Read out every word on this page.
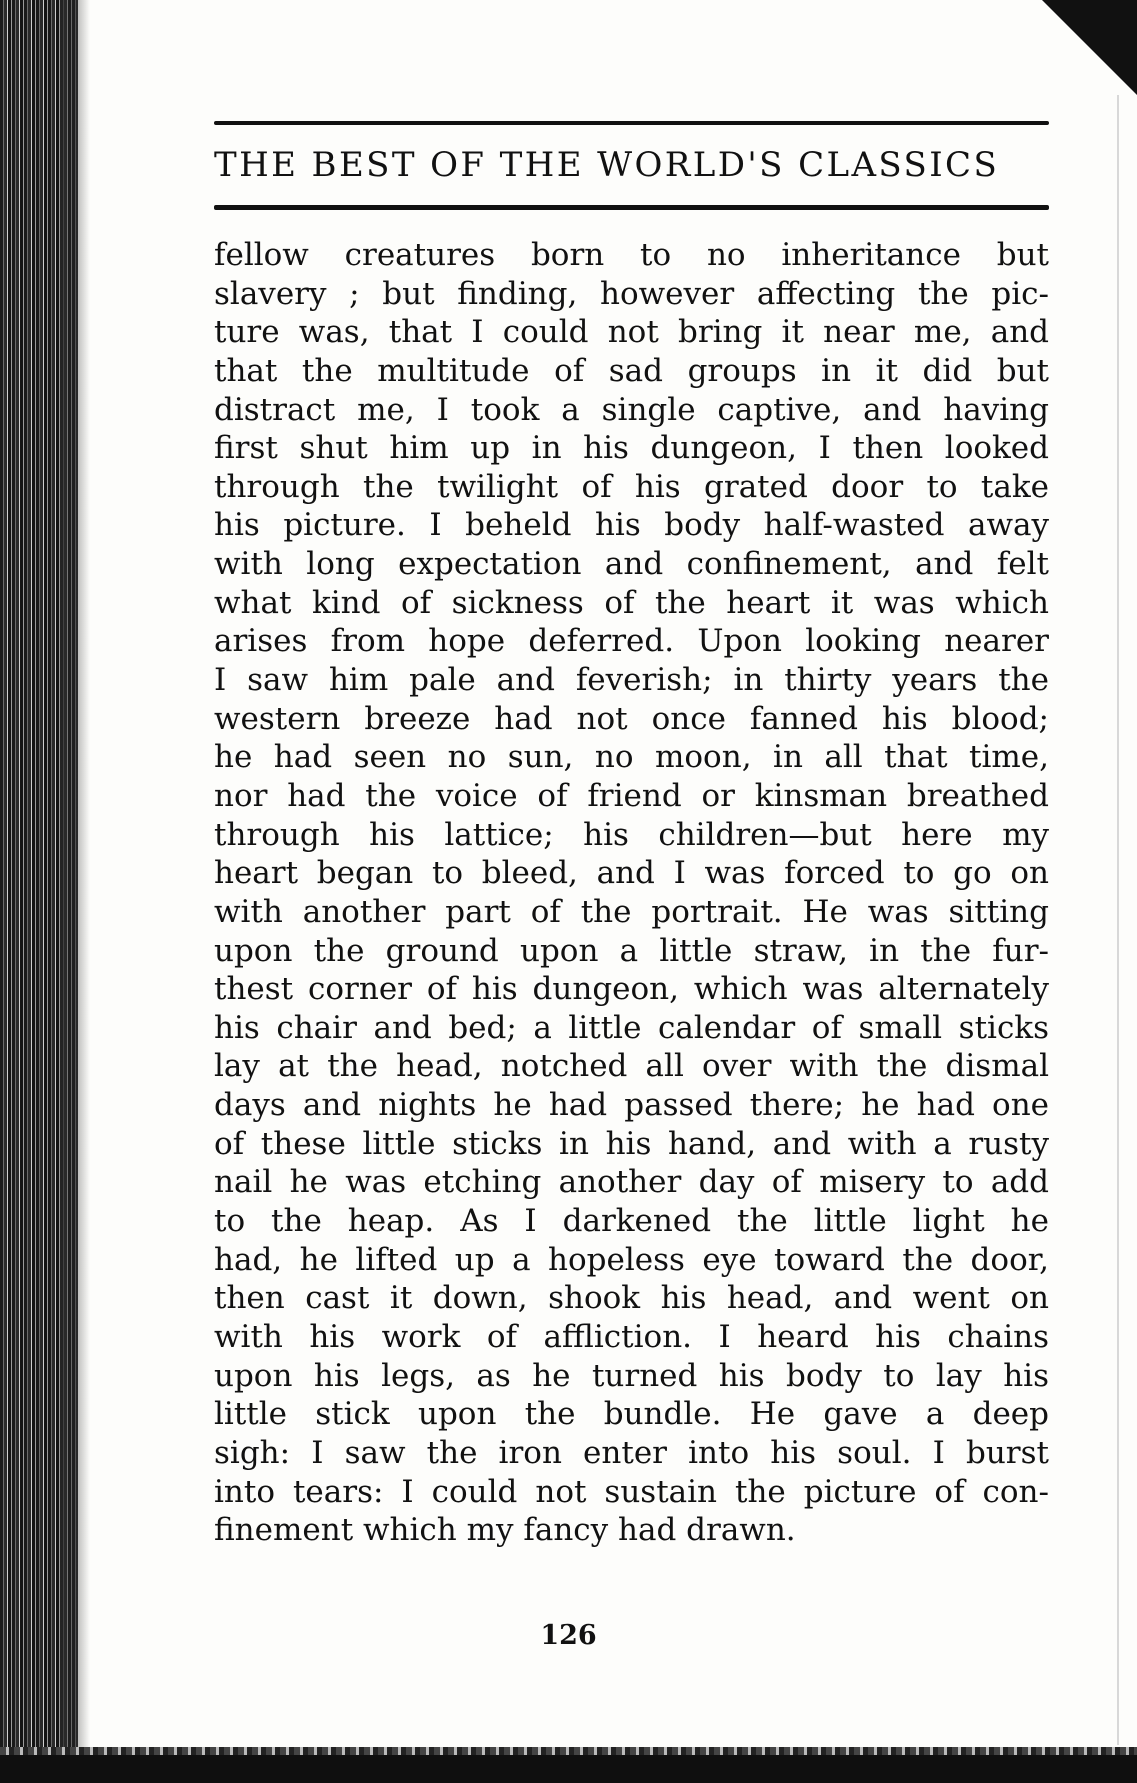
THE BEST OF THE WORLD'S CLASSICS
fellow creatures born to no inheritance but
slavery ; but finding, however affecting the pic-
ture was, that I could not bring it near me, and
that the multitude of sad groups in it did but
distract me, I took a single captive, and having
first shut him up in his dungeon, I then looked
through the twilight of his grated door to take
his picture. I beheld his body half-wasted away
with long expectation and confinement, and felt
what kind of sickness of the heart it was which
arises from hope deferred. Upon looking nearer
I saw him pale and feverish; in thirty years the
western breeze had not once fanned his blood;
he had seen no sun, no moon, in all that time,
nor had the voice of friend or kinsman breathed
through his lattice; his children—but here my
heart began to bleed, and I was forced to go on
with another part of the portrait. He was sitting
upon the ground upon a little straw, in the fur-
thest corner of his dungeon, which was alternately
his chair and bed; a little calendar of small sticks
lay at the head, notched all over with the dismal
days and nights he had passed there; he had one
of these little sticks in his hand, and with a rusty
nail he was etching another day of misery to add
to the heap. As I darkened the little light he
had, he lifted up a hopeless eye toward the door,
then cast it down, shook his head, and went on
with his work of affliction. I heard his chains
upon his legs, as he turned his body to lay his
little stick upon the bundle. He gave a deep
sigh: I saw the iron enter into his soul. I burst
into tears: I could not sustain the picture of con-
finement which my fancy had drawn.
126
